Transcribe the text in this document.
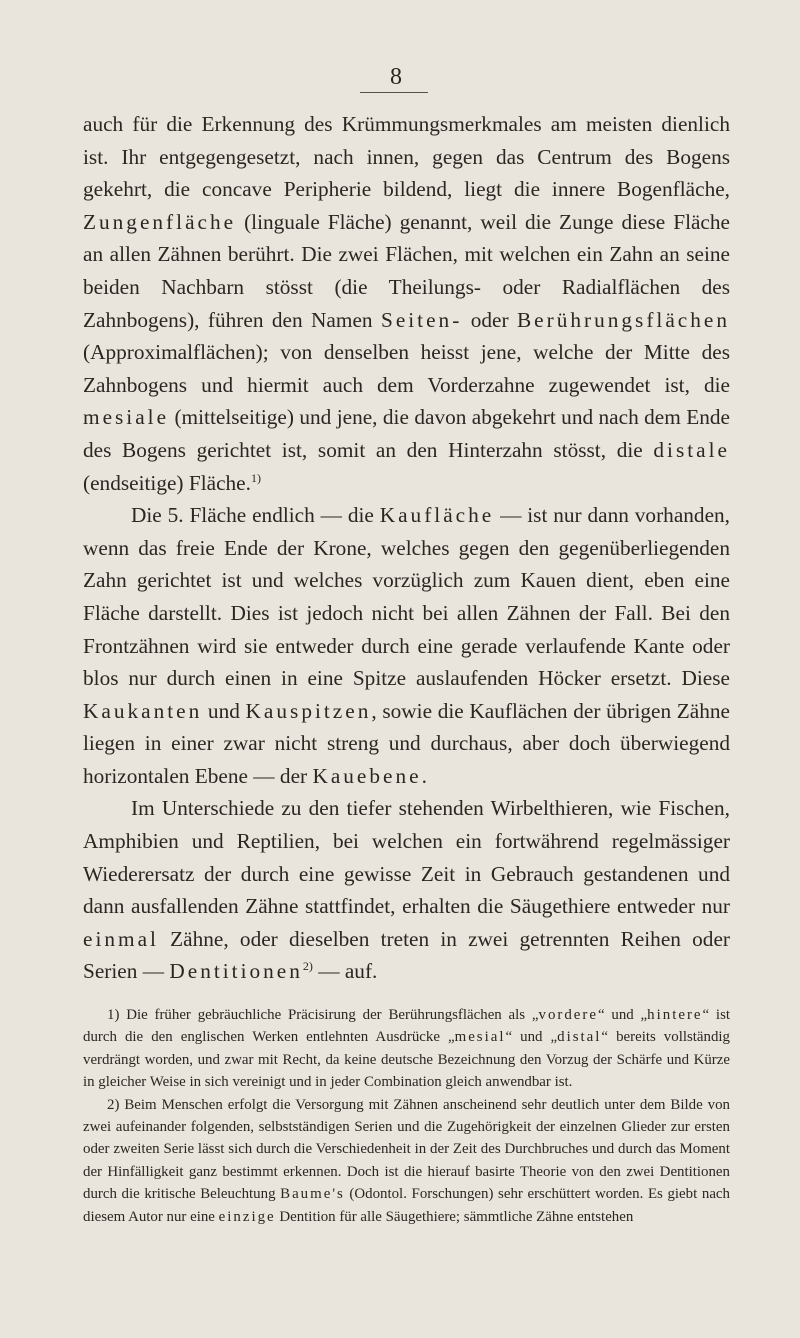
8

auch für die Erkennung des Krümmungsmerkmales am meisten dienlich ist. Ihr entgegengesetzt, nach innen, gegen das Centrum des Bogens gekehrt, die concave Peripherie bildend, liegt die innere Bogenfläche, Zungenfläche (linguale Fläche) genannt, weil die Zunge diese Fläche an allen Zähnen berührt. Die zwei Flächen, mit welchen ein Zahn an seine beiden Nachbarn stösst (die Theilungs- oder Radialflächen des Zahnbogens), führen den Namen Seiten- oder Berührungsflächen (Approximalflächen); von denselben heisst jene, welche der Mitte des Zahnbogens und hiermit auch dem Vorderzahne zugewendet ist, die mesiale (mittelseitige) und jene, die davon abgekehrt und nach dem Ende des Bogens gerichtet ist, somit an den Hinterzahn stösst, die distale (endseitige) Fläche.$^{1)}$

Die 5. Fläche endlich — die Kaufläche — ist nur dann vorhanden, wenn das freie Ende der Krone, welches gegen den gegenüberliegenden Zahn gerichtet ist und welches vorzüglich zum Kauen dient, eben eine Fläche darstellt. Dies ist jedoch nicht bei allen Zähnen der Fall. Bei den Frontzähnen wird sie entweder durch eine gerade verlaufende Kante oder blos nur durch einen in eine Spitze auslaufenden Höcker ersetzt. Diese Kaukanten und Kauspitzen, sowie die Kauflächen der übrigen Zähne liegen in einer zwar nicht streng und durchaus, aber doch überwiegend horizontalen Ebene — der Kauebene.

Im Unterschiede zu den tiefer stehenden Wirbelthieren, wie Fischen, Amphibien und Reptilien, bei welchen ein fortwährend regelmässiger Wiederersatz der durch eine gewisse Zeit in Gebrauch gestandenen und dann ausfallenden Zähne stattfindet, erhalten die Säugethiere entweder nur einmal Zähne, oder dieselben treten in zwei getrennten Reihen oder Serien — Dentitionen$^{2)}$ — auf.

1) Die früher gebräuchliche Präcisirung der Berührungsflächen als „vordere“ und „hintere“ ist durch die den englischen Werken entlehnten Ausdrücke „mesial“ und „distal“ bereits vollständig verdrängt worden, und zwar mit Recht, da keine deutsche Bezeichnung den Vorzug der Schärfe und Kürze in gleicher Weise in sich vereinigt und in jeder Combination gleich anwendbar ist.

2) Beim Menschen erfolgt die Versorgung mit Zähnen anscheinend sehr deutlich unter dem Bilde von zwei aufeinander folgenden, selbstständigen Serien und die Zugehörigkeit der einzelnen Glieder zur ersten oder zweiten Serie lässt sich durch die Verschiedenheit in der Zeit des Durchbruches und durch das Moment der Hinfälligkeit ganz bestimmt erkennen. Doch ist die hierauf basirte Theorie von den zwei Dentitionen durch die kritische Beleuchtung Baume's (Odontol. Forschungen) sehr erschüttert worden. Es giebt nach diesem Autor nur eine einzige Dentition für alle Säugethiere; sämmtliche Zähne entstehen
